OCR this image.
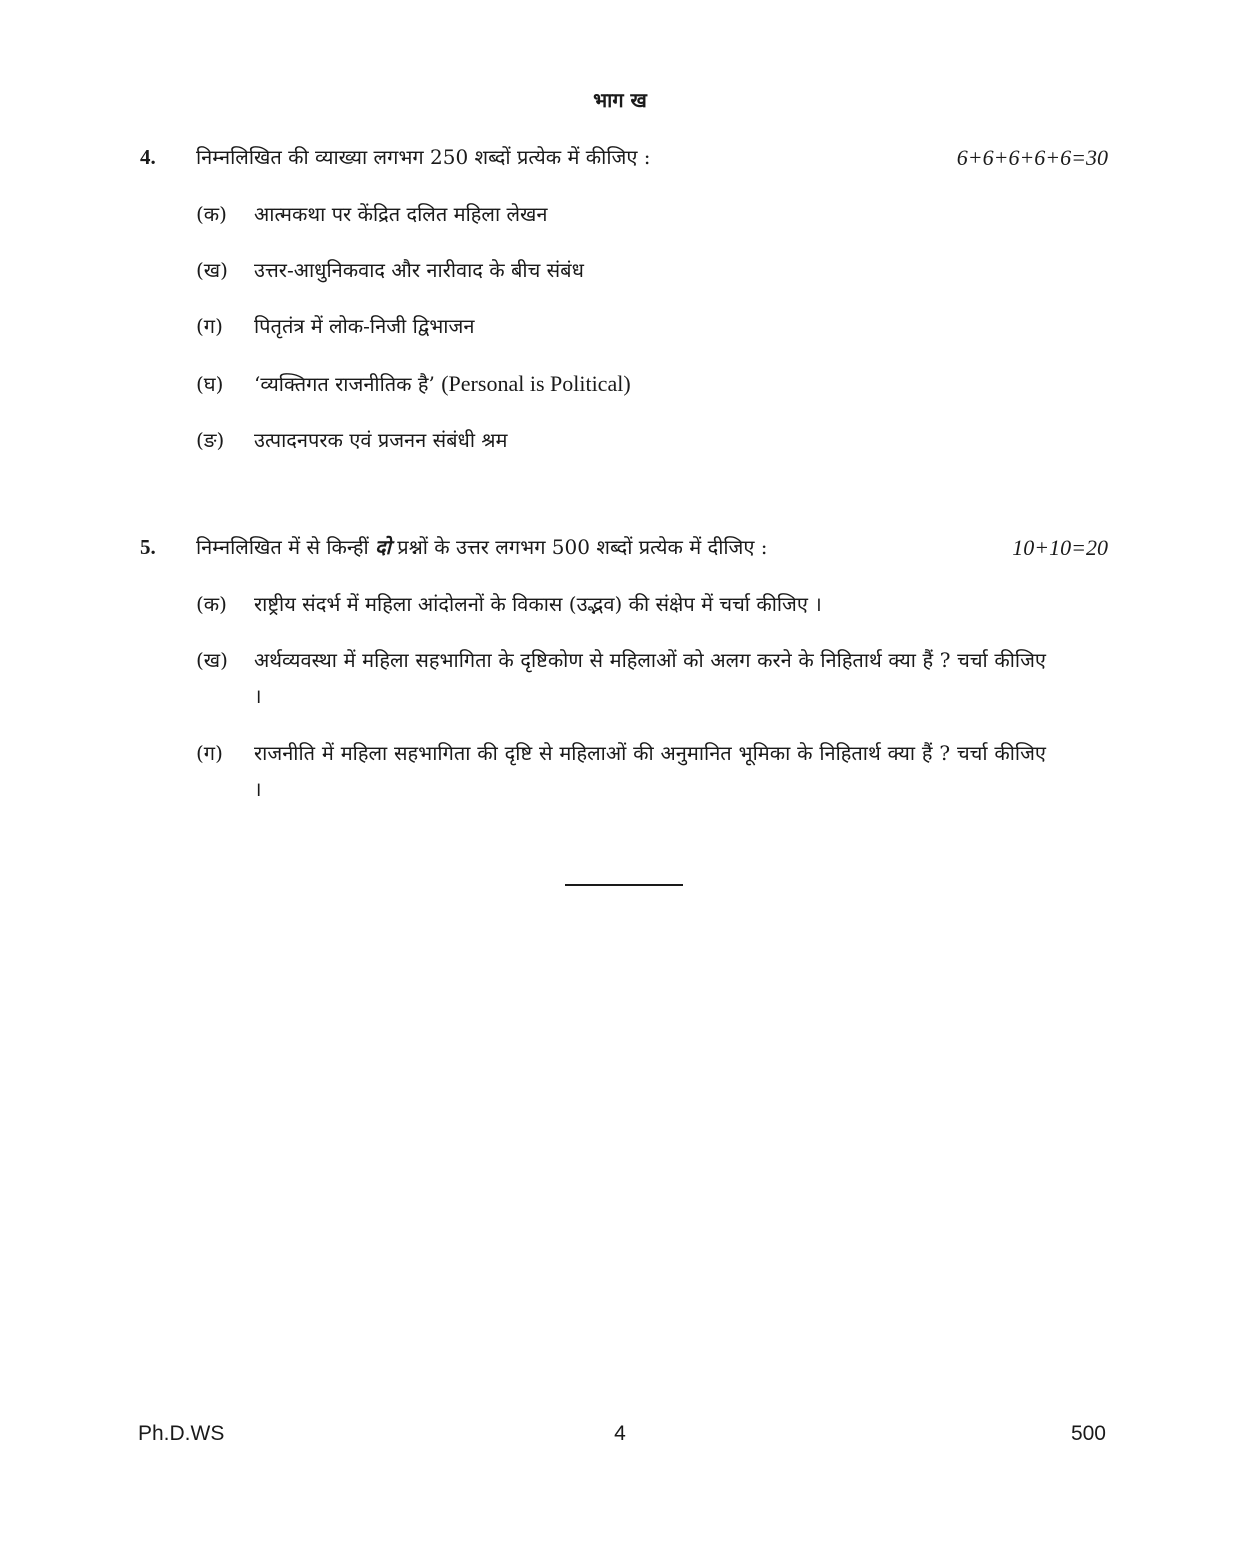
भाग ख
4. निम्नलिखित की व्याख्या लगभग 250 शब्दों प्रत्येक में कीजिए :	6+6+6+6+6=30
(क) आत्मकथा पर केंद्रित दलित महिला लेखन
(ख) उत्तर-आधुनिकवाद और नारीवाद के बीच संबंध
(ग) पितृतंत्र में लोक-निजी द्विभाजन
(घ) ‘व्यक्तिगत राजनीतिक है’ (Personal is Political)
(ङ) उत्पादनपरक एवं प्रजनन संबंधी श्रम
5. निम्नलिखित में से किन्हीं दो प्रश्नों के उत्तर लगभग 500 शब्दों प्रत्येक में दीजिए :	10+10=20
(क) राष्ट्रीय संदर्भ में महिला आंदोलनों के विकास (उद्भव) की संक्षेप में चर्चा कीजिए ।
(ख) अर्थव्यवस्था में महिला सहभागिता के दृष्टिकोण से महिलाओं को अलग करने के निहितार्थ क्या हैं ? चर्चा कीजिए ।
(ग) राजनीति में महिला सहभागिता की दृष्टि से महिलाओं की अनुमानित भूमिका के निहितार्थ क्या हैं ? चर्चा कीजिए ।
Ph.D.WS	4	500
